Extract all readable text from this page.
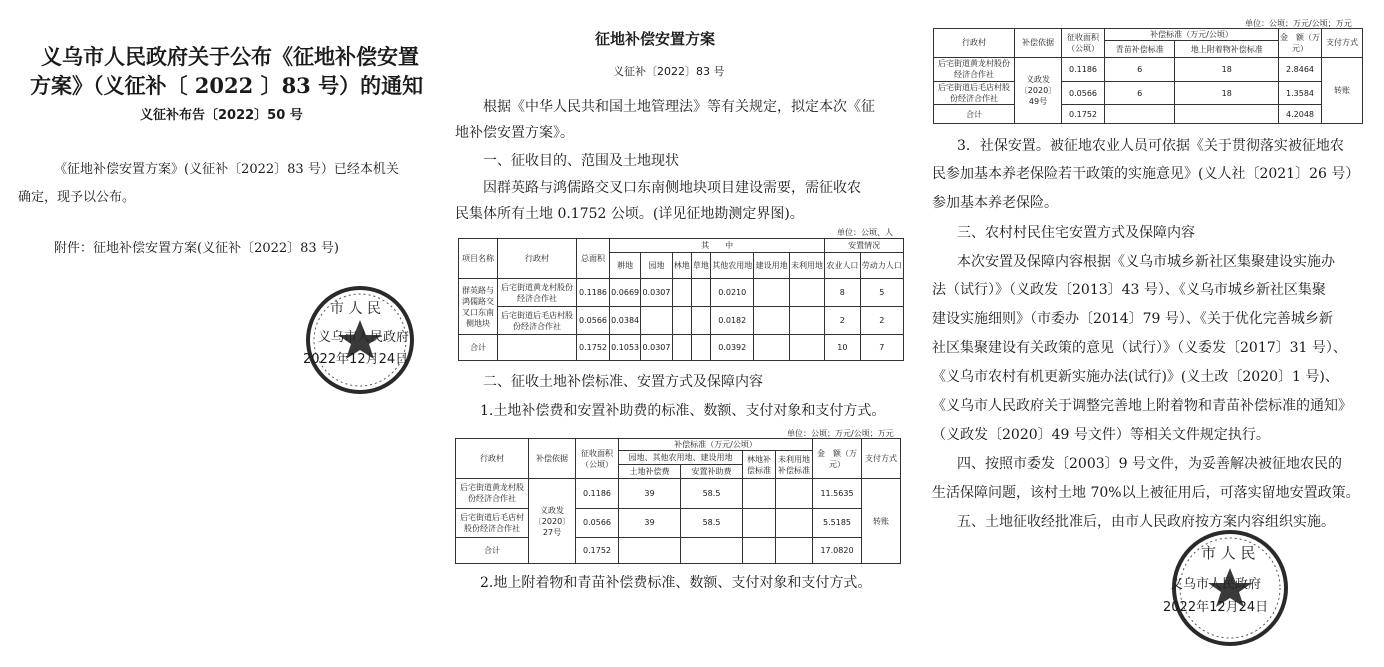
义乌市人民政府关于公布《征地补偿安置
方案》（义征补〔 2022 〕83 号）的通知
义征补布告〔2022〕50 号
《征地补偿安置方案》(义征补〔2022〕83 号）已经本机关
确定，现予以公布。
附件：征地补偿安置方案(义征补〔2022〕83 号)
市 人 民
义乌市人民政府
2022年12月24日
征地补偿安置方案
义征补〔2022〕83 号
根据《中华人民共和国土地管理法》等有关规定，拟定本次《征
地补偿安置方案》。
一、征收目的、范围及土地现状
因群英路与鸿儒路交叉口东南侧地块项目建设需要，需征收农
民集体所有土地 0.1752 公顷。(详见征地勘测定界图)。
单位：公顷、人
项目名称	行政村	总面积	其　　中							安置情况	
			耕地	园地	林地	草地	其他农用地	建设用地	未利用地	农业人口	劳动力人口
群英路与鸿儒路交叉口东南侧地块	后宅街道黄龙村股份经济合作社	0.1186	0.0669	0.0307			0.0210			8	5
	后宅街道后毛店村股份经济合作社	0.0566	0.0384				0.0182			2	2
合计		0.1752	0.1053	0.0307			0.0392			10	7
二、征收土地补偿标准、安置方式及保障内容
1.土地补偿费和安置补助费的标准、数额、支付对象和支付方式。
单位：公顷；万元/公顷；万元
行政村	补偿依据	征收面积（公顷）	补偿标准（万元/公顷）				金　额（万元）	支付方式
			园地、其他农用地、建设用地		林地补偿标准	未利用地补偿标准		
			土地补偿费	安置补助费				
后宅街道黄龙村股份经济合作社	义政发〔2020〕27号	0.1186	39	58.5			11.5635	转账
后宅街道后毛店村股份经济合作社		0.0566	39	58.5			5.5185	
合计		0.1752					17.0820	
2.地上附着物和青苗补偿费标准、数额、支付对象和支付方式。
单位：公顷；万元/公顷；万元
行政村	补偿依据	征收面积（公顷）	补偿标准（万元/公顷）		金　额（万元）	支付方式
			青苗补偿标准	地上附着物补偿标准		
后宅街道黄龙村股份经济合作社	义政发〔2020〕49号	0.1186	6	18	2.8464	转账
后宅街道后毛店村股份经济合作社		0.0566	6	18	1.3584	
合计		0.1752			4.2048	
3．社保安置。被征地农业人员可依据《关于贯彻落实被征地农
民参加基本养老保险若干政策的实施意见》(义人社〔2021〕26 号）
参加基本养老保险。
三、农村村民住宅安置方式及保障内容
本次安置及保障内容根据《义乌市城乡新社区集聚建设实施办
法（试行）》（义政发〔2013〕43 号）、《义乌市城乡新社区集聚
建设实施细则》（市委办〔2014〕79 号）、《关于优化完善城乡新
社区集聚建设有关政策的意见（试行）》（义委发〔2017〕31 号）、
《义乌市农村有机更新实施办法(试行)》(义土改〔2020〕1 号)、
《义乌市人民政府关于调整完善地上附着物和青苗补偿标准的通知》
（义政发〔2020〕49 号文件）等相关文件规定执行。
四、按照市委发〔2003〕9 号文件，为妥善解决被征地农民的
生活保障问题，该村土地 70%以上被征用后，可落实留地安置政策。
五、土地征收经批准后，由市人民政府按方案内容组织实施。
市 人 民
义乌市人民政府
2022年12月24日
